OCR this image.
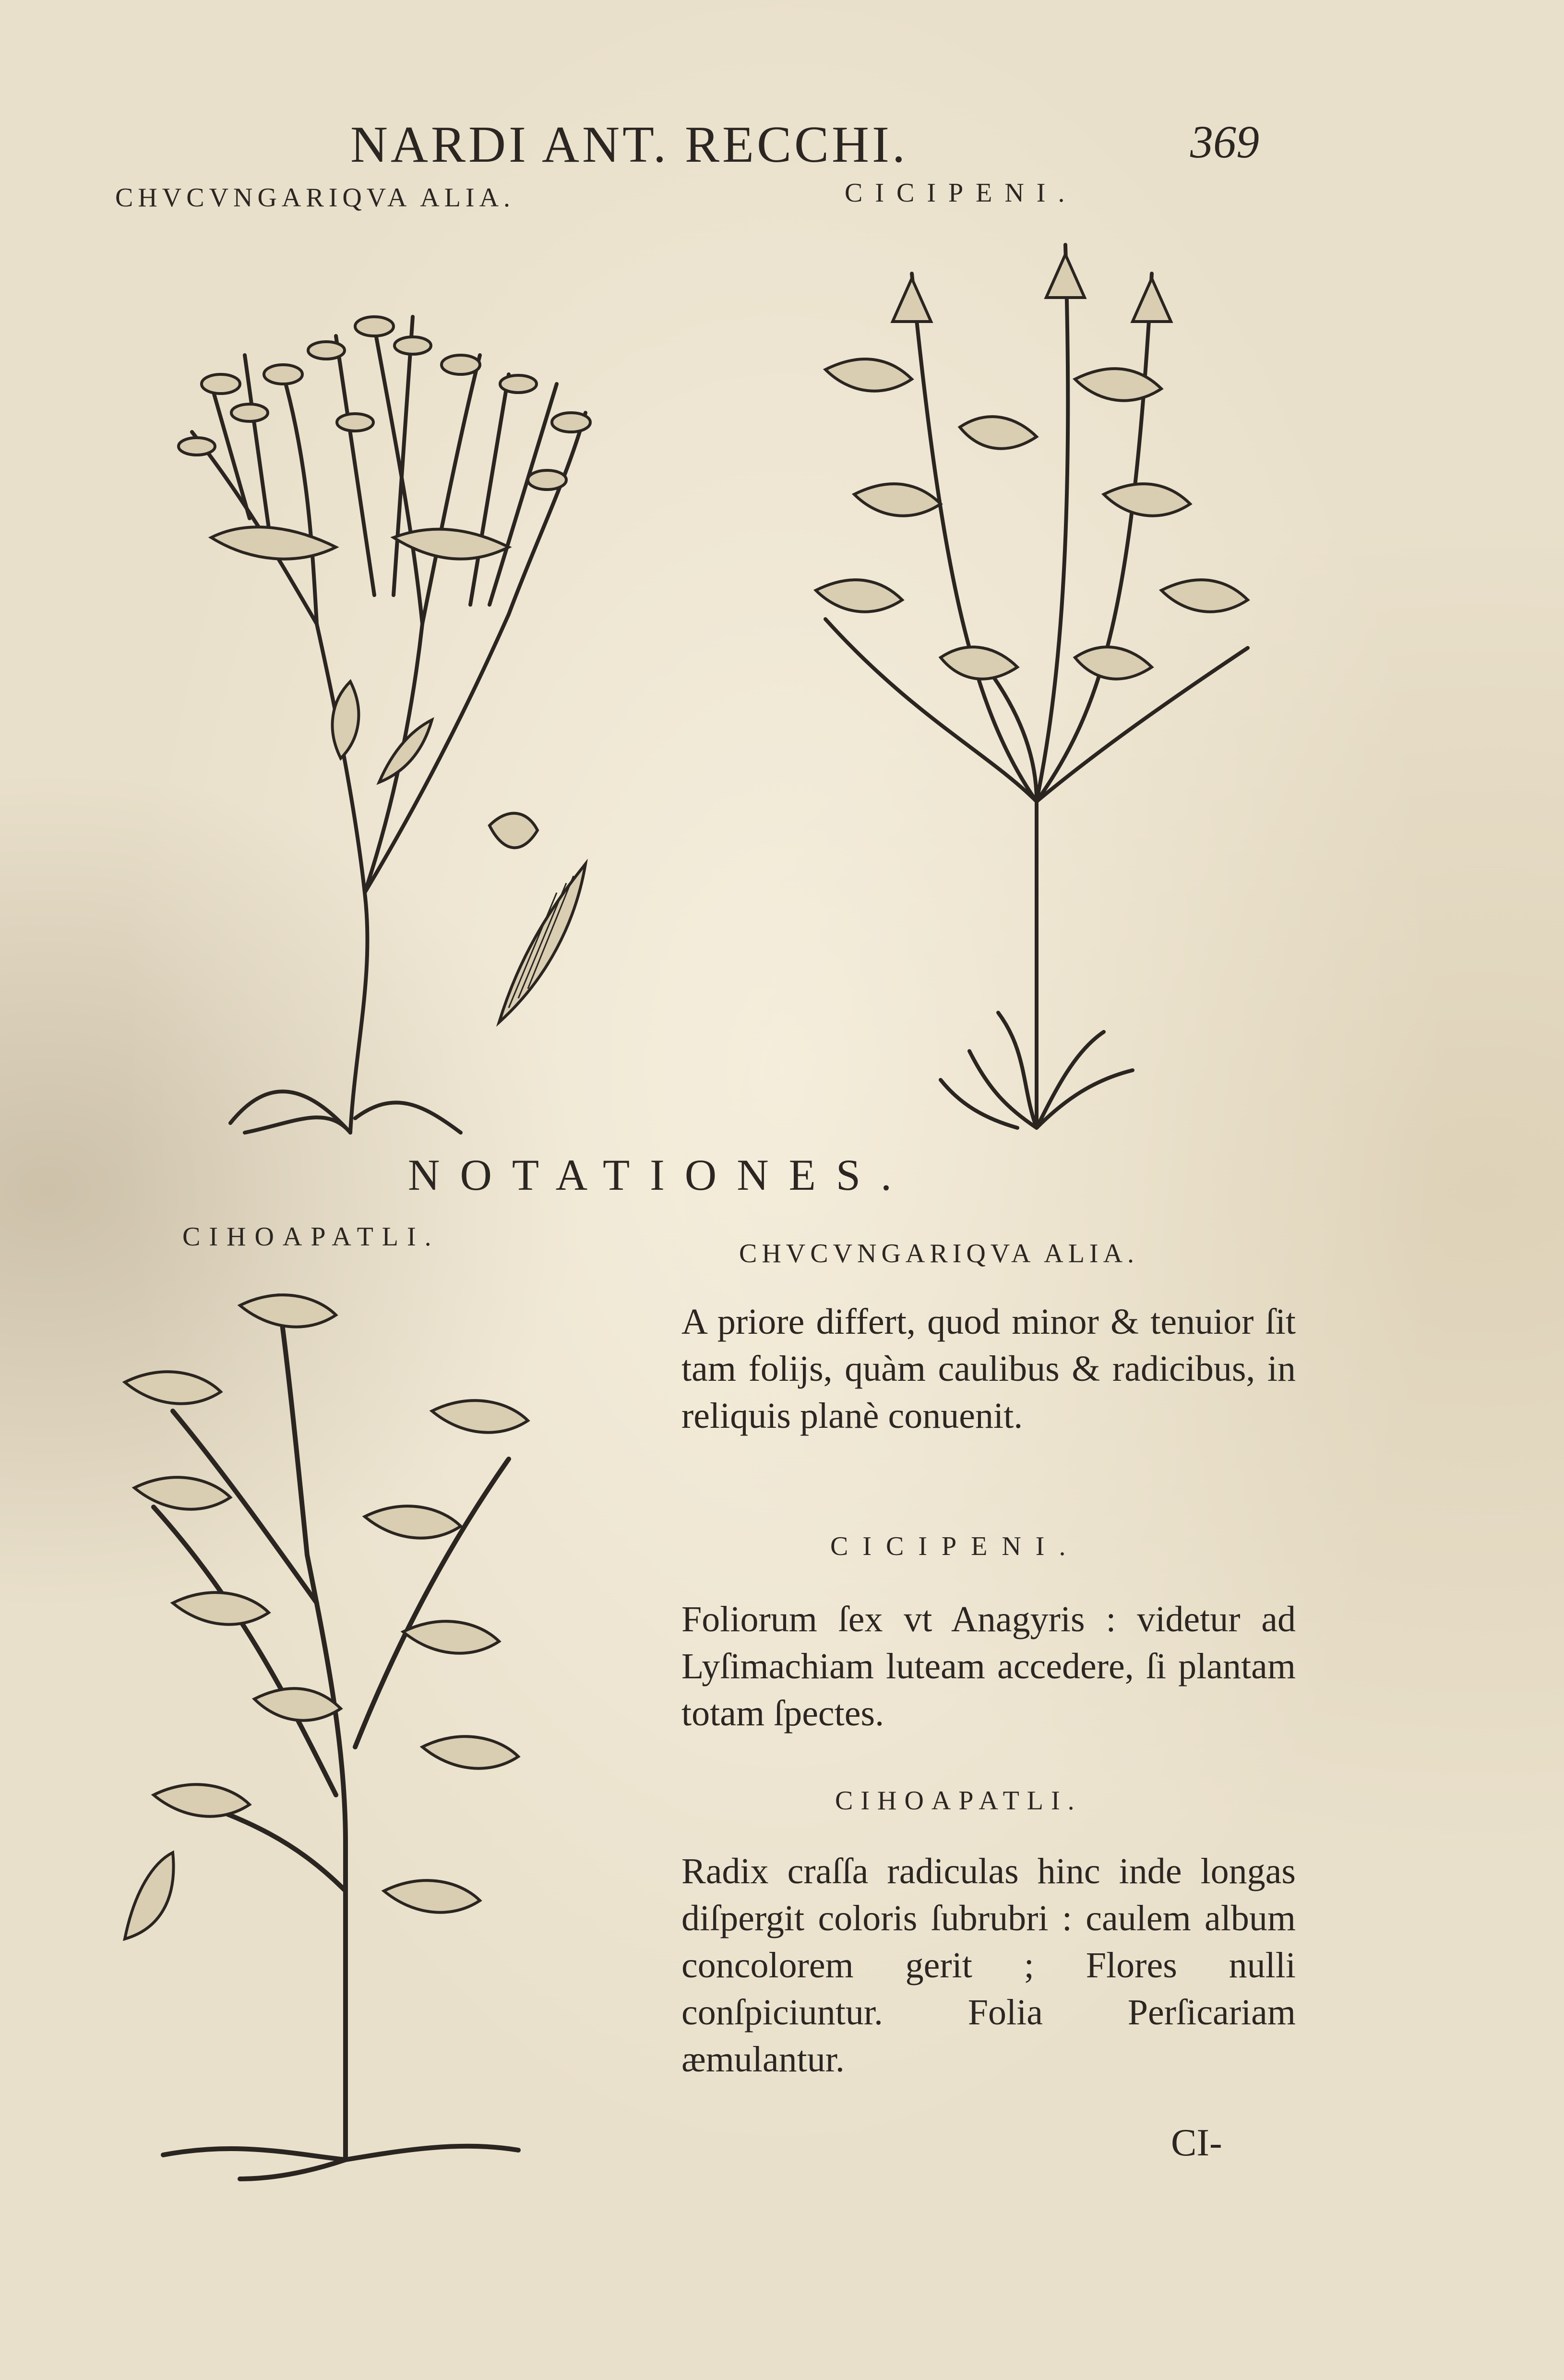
NARDI ANT. RECCHI.	369
CHVCVNGARIQVA ALIA.	CICIPENI.
NOTATIONES.
CIHOAPATLI.
CHVCVNGARIQVA ALIA.
A priore differt, quod minor & tenuior ſit tam folijs, quàm caulibus & radicibus, in reliquis planè conuenit.
CICIPENI.
Foliorum ſex vt Anagyris : videtur ad Lyſimachiam luteam accedere, ſi plantam totam ſpectes.
CIHOAPATLI.
Radix craſſa radiculas hinc inde longas diſpergit coloris ſubrubri : caulem album concolorem gerit ; Flores nulli conſpiciuntur. Folia Perſicariam æmulantur.
CI-
